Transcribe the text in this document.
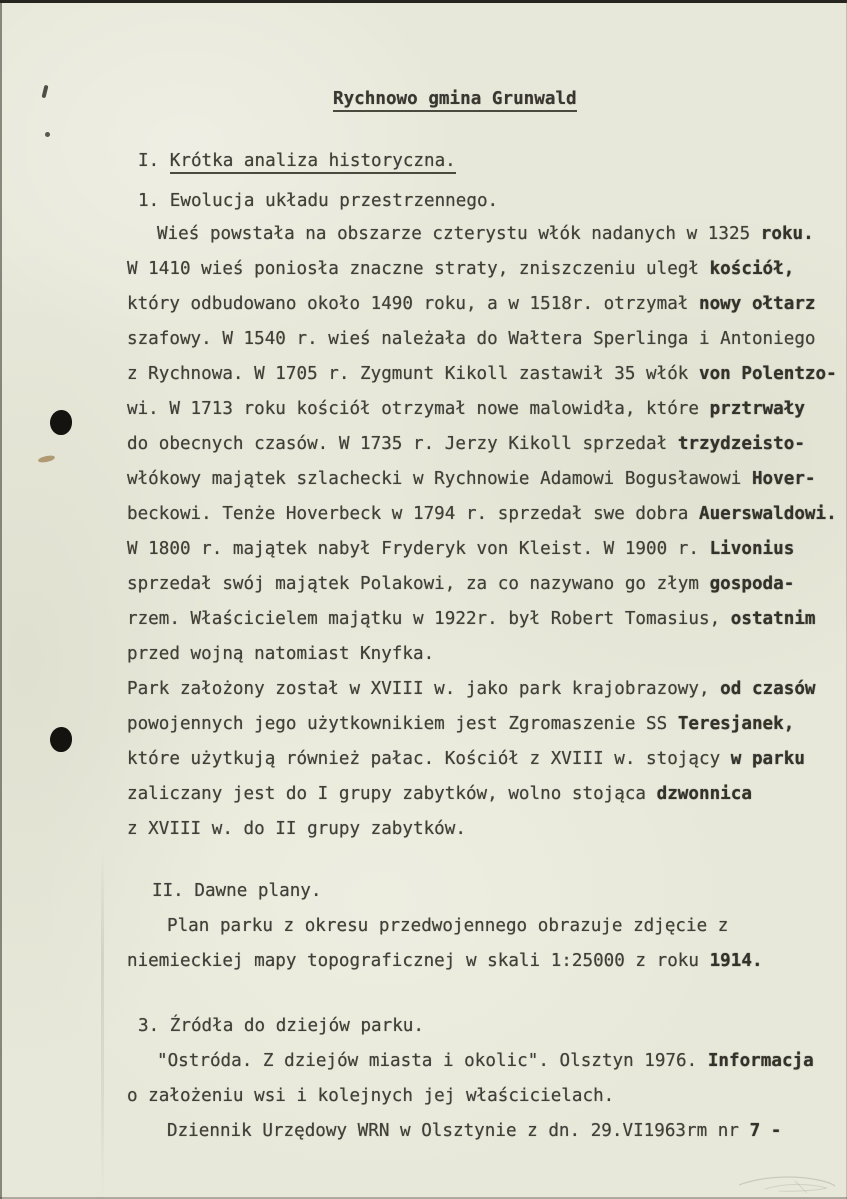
Rychnowo gmina Grunwald
I. Krótka analiza historyczna.
1. Ewolucja układu przestrzennego.
Wieś powstała na obszarze czterystu włók nadanych w 1325 roku.
W 1410 wieś poniosła znaczne straty, zniszczeniu uległ kościół,
który odbudowano około 1490 roku, a w 1518r. otrzymał nowy ołtarz
szafowy. W 1540 r. wieś należała do Wałtera Sperlinga i Antoniego
z Rychnowa. W 1705 r. Zygmunt Kikoll zastawił 35 włók von Polentzo-
wi. W 1713 roku kościół otrzymał nowe malowidła, które prztrwały
do obecnych czasów. W 1735 r. Jerzy Kikoll sprzedał trzydzeisto-
włókowy majątek szlachecki w Rychnowie Adamowi Bogusławowi Hover-
beckowi. Tenże Hoverbeck w 1794 r. sprzedał swe dobra Auerswaldowi.
W 1800 r. majątek nabył Fryderyk von Kleist. W 1900 r. Livonius
sprzedał swój majątek Polakowi, za co nazywano go złym gospoda-
rzem. Właścicielem majątku w 1922r. był Robert Tomasius, ostatnim
przed wojną natomiast Knyfka.
Park założony został w XVIII w. jako park krajobrazowy, od czasów
powojennych jego użytkownikiem jest Zgromaszenie SS Teresjanek,
które użytkują również pałac. Kościół z XVIII w. stojący w parku
zaliczany jest do I grupy zabytków, wolno stojąca dzwonnica
z XVIII w. do II grupy zabytków.
II. Dawne plany.
Plan parku z okresu przedwojennego obrazuje zdjęcie z
niemieckiej mapy topograficznej w skali 1:25000 z roku 1914.
3. Źródła do dziejów parku.
"Ostróda. Z dziejów miasta i okolic". Olsztyn 1976. Informacja
o założeniu wsi i kolejnych jej właścicielach.
Dziennik Urzędowy WRN w Olsztynie z dn. 29.VI1963rm nr 7 -
